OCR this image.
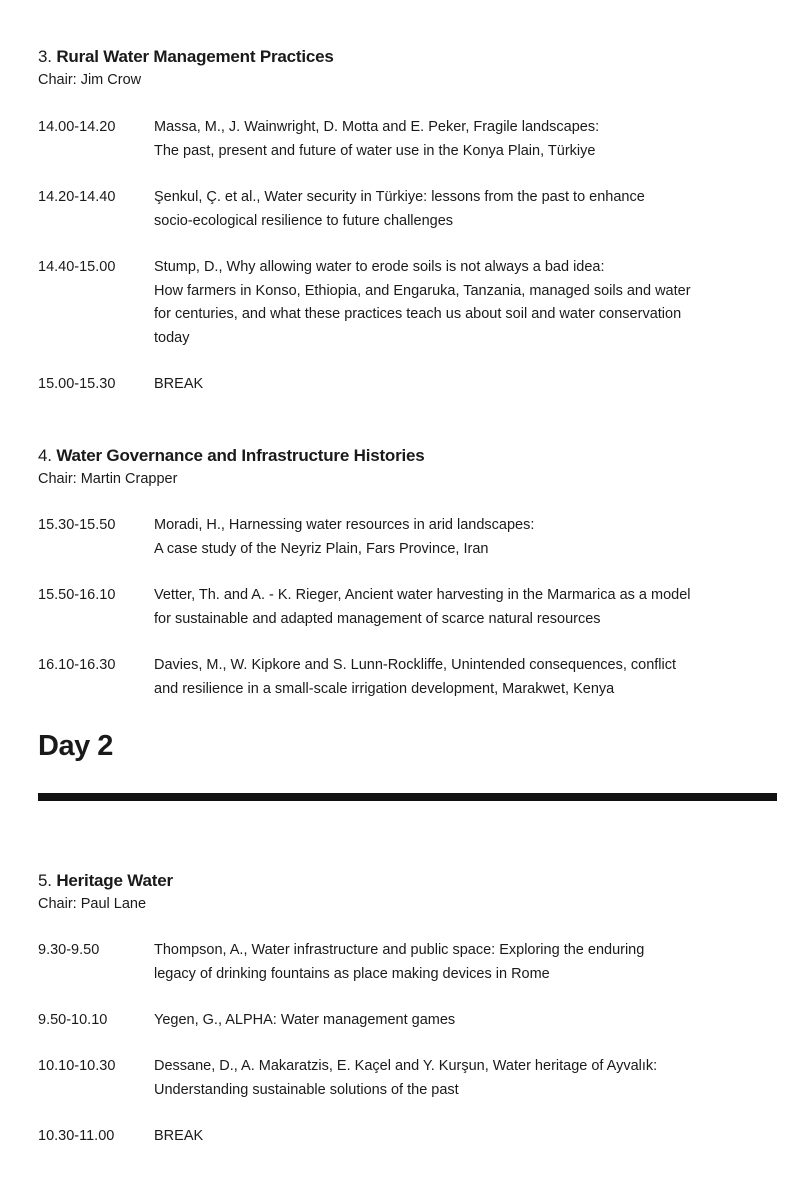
3. Rural Water Management Practices
Chair: Jim Crow
14.00-14.20	Massa, M., J. Wainwright, D. Motta and E. Peker, Fragile landscapes:
The past, present and future of water use in the Konya Plain, Türkiye
14.20-14.40	Şenkul, Ç. et al., Water security in Türkiye: lessons from the past to enhance
socio-ecological resilience to future challenges
14.40-15.00	Stump, D., Why allowing water to erode soils is not always a bad idea:
How farmers in Konso, Ethiopia, and Engaruka, Tanzania, managed soils and water
for centuries, and what these practices teach us about soil and water conservation
today
15.00-15.30	BREAK
4. Water Governance and Infrastructure Histories
Chair: Martin Crapper
15.30-15.50	Moradi, H., Harnessing water resources in arid landscapes:
A case study of the Neyriz Plain, Fars Province, Iran
15.50-16.10	Vetter, Th. and A. - K. Rieger, Ancient water harvesting in the Marmarica as a model
for sustainable and adapted management of scarce natural resources
16.10-16.30	Davies, M., W. Kipkore and S. Lunn-Rockliffe, Unintended consequences, conflict
and resilience in a small-scale irrigation development, Marakwet, Kenya
Day 2
5. Heritage Water
Chair: Paul Lane
9.30-9.50	Thompson, A., Water infrastructure and public space: Exploring the enduring
legacy of drinking fountains as place making devices in Rome
9.50-10.10	Yegen, G., ALPHA: Water management games
10.10-10.30	Dessane, D., A. Makaratzis, E. Kaçel and Y. Kurşun, Water heritage of Ayvalık:
Understanding sustainable solutions of the past
10.30-11.00	BREAK
